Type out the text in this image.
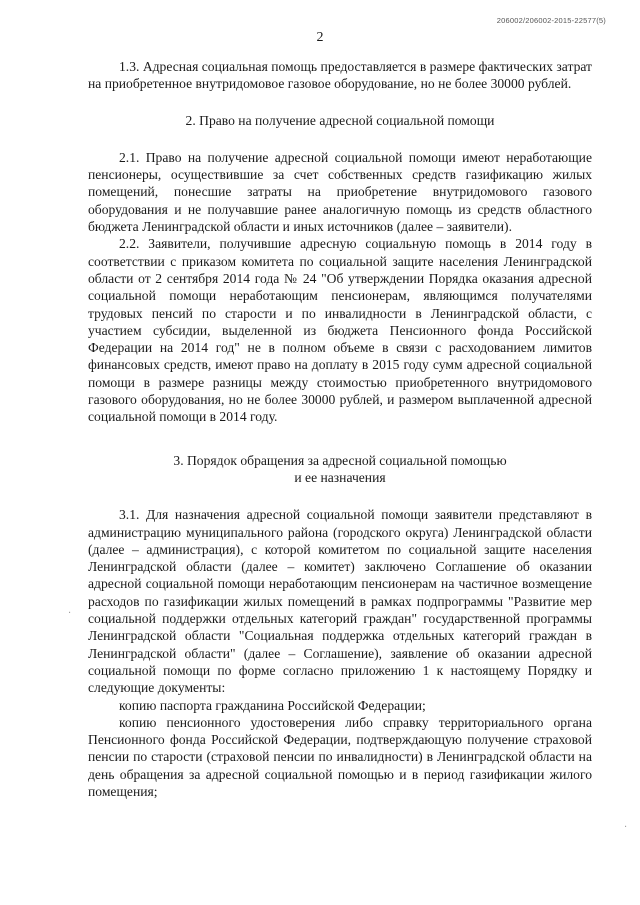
206002/206002-2015-22577(5)
2
·
·

1.3. Адресная социальная помощь предоставляется в размере фактических затрат на приобретенное внутридомовое газовое оборудование, но не более 30000 рублей.

2. Право на получение адресной социальной помощи

2.1. Право на получение адресной социальной помощи имеют неработающие пенсионеры, осуществившие за счет собственных средств газификацию жилых помещений, понесшие затраты на приобретение внутридомового газового оборудования и не получавшие ранее аналогичную помощь из средств областного бюджета Ленинградской области и иных источников (далее – заявители).

2.2. Заявители, получившие адресную социальную помощь в 2014 году в соответствии с приказом комитета по социальной защите населения Ленинградской области от 2 сентября 2014 года № 24 "Об утверждении Порядка оказания адресной социальной помощи неработающим пенсионерам, являющимся получателями трудовых пенсий по старости и по инвалидности в Ленинградской области, с участием субсидии, выделенной из бюджета Пенсионного фонда Российской Федерации на 2014 год" не в полном объеме в связи с расходованием лимитов финансовых средств, имеют право на доплату в 2015 году сумм адресной социальной помощи в размере разницы между стоимостью приобретенного внутридомового газового оборудования, но не более 30000 рублей, и размером выплаченной адресной социальной помощи в 2014 году.

3. Порядок обращения за адресной социальной помощью

и ее назначения

3.1. Для назначения адресной социальной помощи заявители представляют в администрацию муниципального района (городского округа) Ленинградской области (далее – администрация), с которой комитетом по социальной защите населения Ленинградской области (далее – комитет) заключено Соглашение об оказании адресной социальной помощи неработающим пенсионерам на частичное возмещение расходов по газификации жилых помещений в рамках подпрограммы "Развитие мер социальной поддержки отдельных категорий граждан" государственной программы Ленинградской области "Социальная поддержка отдельных категорий граждан в Ленинградской области" (далее – Соглашение), заявление об оказании адресной социальной помощи по форме согласно приложению 1 к настоящему Порядку и следующие документы:

копию паспорта гражданина Российской Федерации;

копию пенсионного удостоверения либо справку территориального органа Пенсионного фонда Российской Федерации, подтверждающую получение страховой пенсии по старости (страховой пенсии по инвалидности) в Ленинградской области на день обращения за адресной социальной помощью и в период газификации жилого помещения;
